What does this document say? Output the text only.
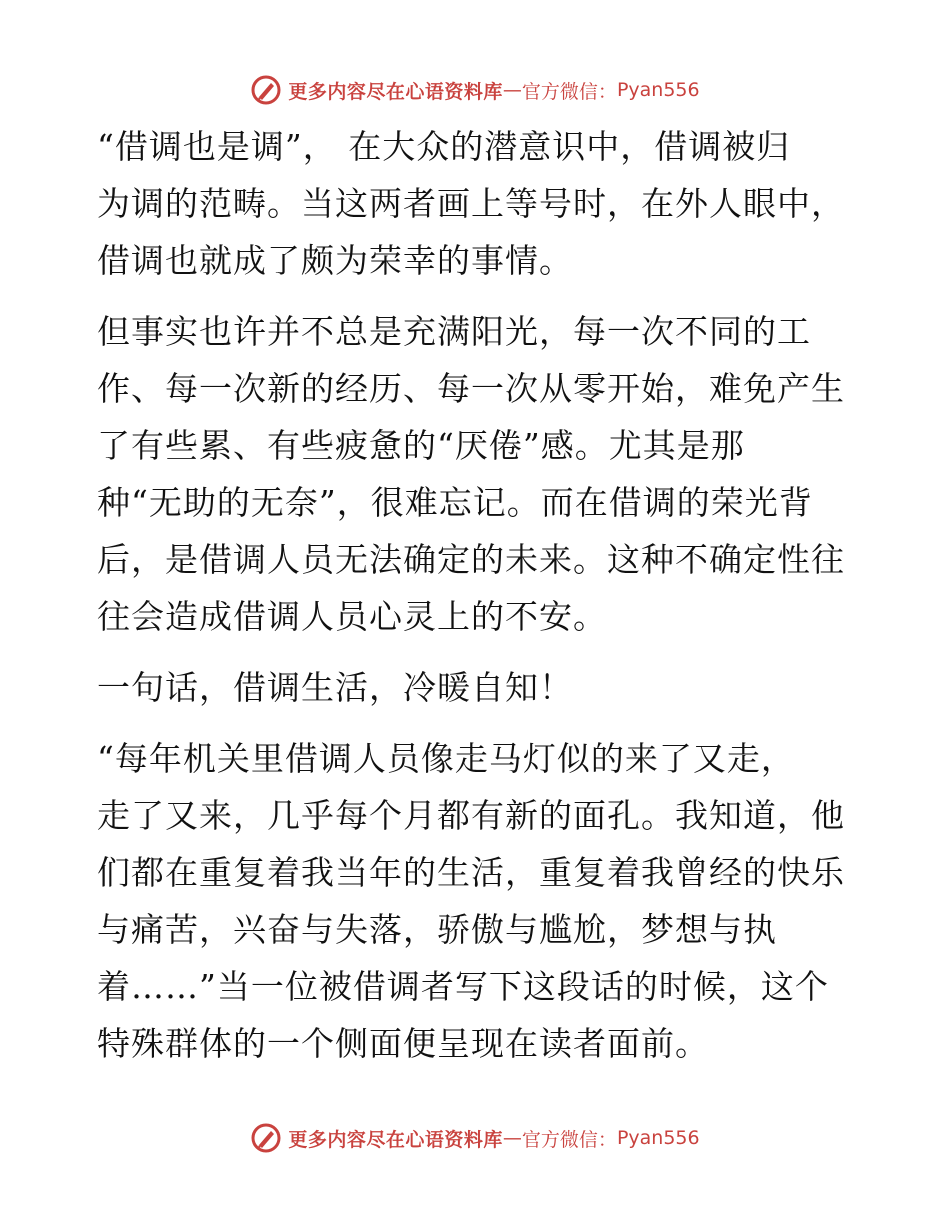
更多内容尽在心语资料库 — 官方微信： Pyan556
“借调也是调”， 在大众的潜意识中，借调被归
为调的范畴。当这两者画上等号时，在外人眼中，
借调也就成了颇为荣幸的事情。
但事实也许并不总是充满阳光，每一次不同的工
作、每一次新的经历、每一次从零开始，难免产生
了有些累、有些疲惫的“厌倦”感。尤其是那
种“无助的无奈”，很难忘记。而在借调的荣光背
后，是借调人员无法确定的未来。这种不确定性往
往会造成借调人员心灵上的不安。
一句话，借调生活，冷暖自知！
“每年机关里借调人员像走马灯似的来了又走，
走了又来，几乎每个月都有新的面孔。我知道，他
们都在重复着我当年的生活，重复着我曾经的快乐
与痛苦，兴奋与失落，骄傲与尴尬，梦想与执
着……”当一位被借调者写下这段话的时候，这个
特殊群体的一个侧面便呈现在读者面前。
更多内容尽在心语资料库 — 官方微信： Pyan556
